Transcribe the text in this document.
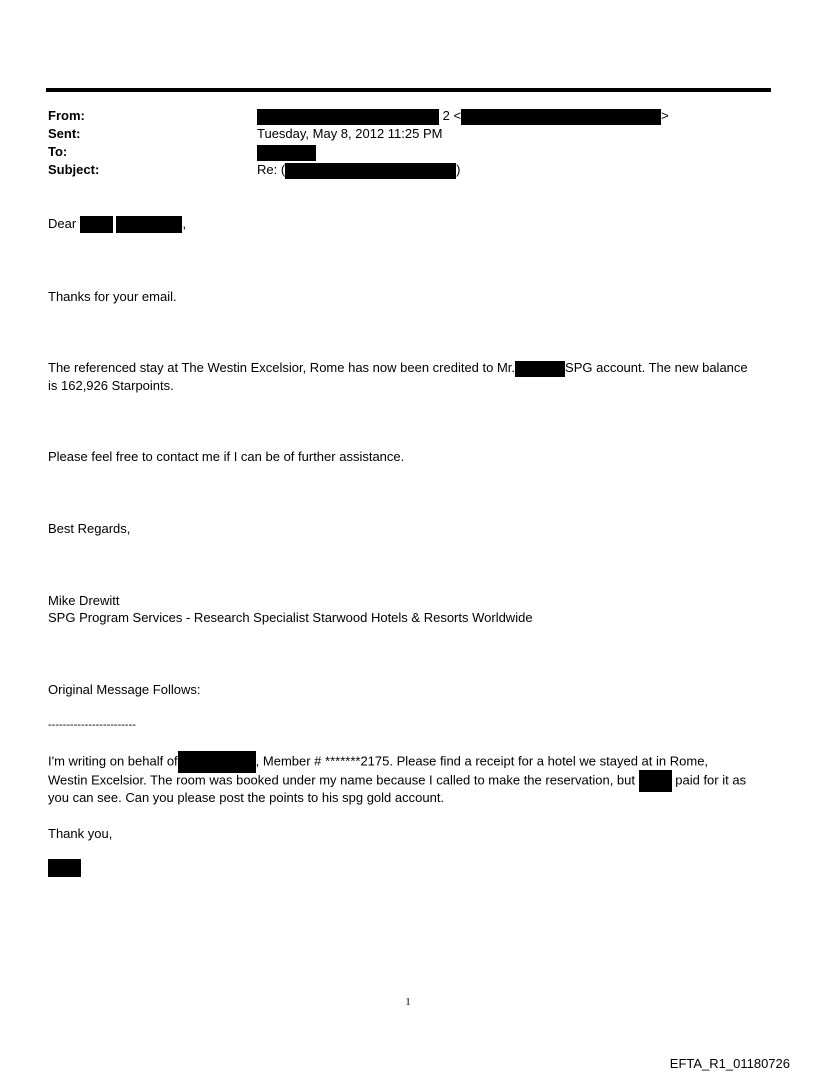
From:	2 <	>
Sent:	Tuesday, May 8, 2012 11:25 PM
To:
Subject:	Re: (	)
Dear	,
Thanks for your email.
The referenced stay at The Westin Excelsior, Rome has now been credited to Mr.	SPG account. The new balance
is 162,926 Starpoints.
Please feel free to contact me if I can be of further assistance.
Best Regards,
Mike Drewitt
SPG Program Services - Research Specialist Starwood Hotels & Resorts Worldwide
Original Message Follows:
------------------------
I'm writing on behalf of	, Member # *******2175. Please find a receipt for a hotel we stayed at in Rome,
Westin Excelsior. The room was booked under my name because I called to make the reservation, but	paid for it as
you can see. Can you please post the points to his spg gold account.
Thank you,
1
EFTA_R1_01180726
